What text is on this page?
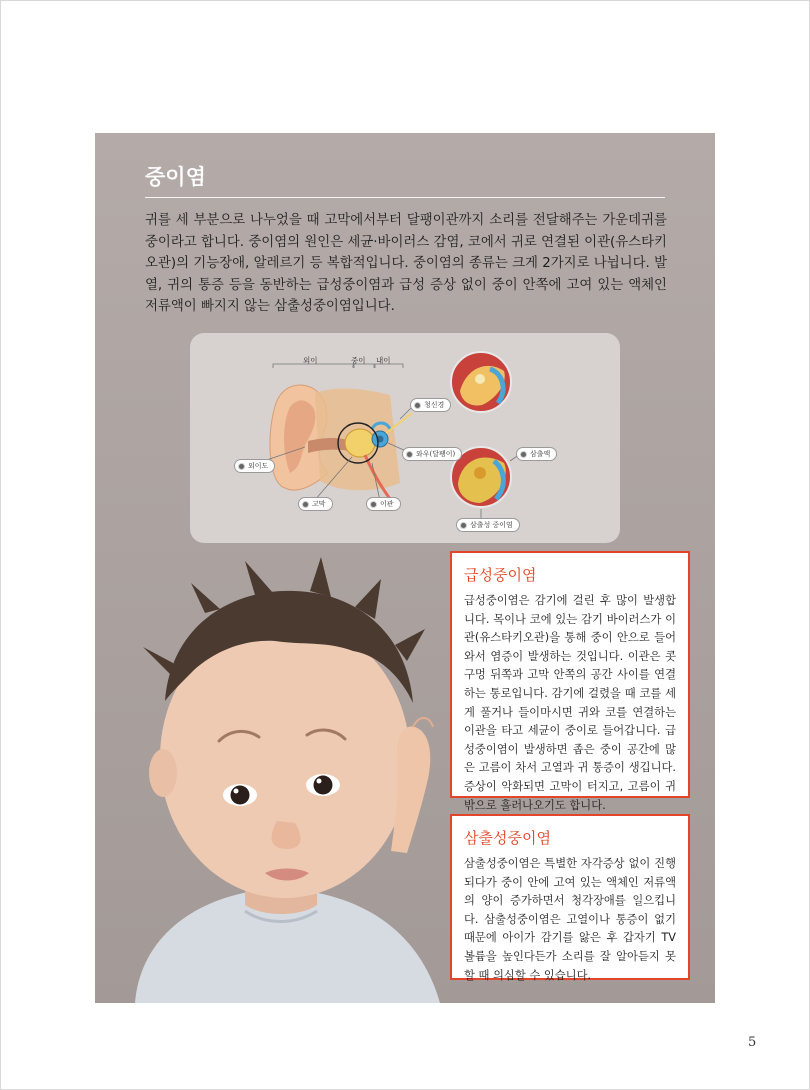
중이염

귀를 세 부분으로 나누었을 때 고막에서부터 달팽이관까지 소리를 전달해주는 가운데귀를 중이라고 합니다. 중이염의 원인은 세균·바이러스 감염, 코에서 귀로 연결된 이관(유스타키오관)의 기능장애, 알레르기 등 복합적입니다. 중이염의 종류는 크게 2가지로 나뉩니다. 발열, 귀의 통증 등을 동반하는 급성중이염과 급성 증상 없이 중이 안쪽에 고여 있는 액체인 저류액이 빠지지 않는 삼출성중이염입니다.

외이	중이 내이
청신경
와우(달팽이)	삼출액
외이도
고막	이관
삼출성 중이염
급성중이염

급성중이염은 감기에 걸린 후 많이 발생합니다. 목이나 코에 있는 감기 바이러스가 이관(유스타키오관)을 통해 중이 안으로 들어와서 염증이 발생하는 것입니다. 이관은 콧구멍 뒤쪽과 고막 안쪽의 공간 사이를 연결하는 통로입니다. 감기에 걸렸을 때 코를 세게 풀거나 들이마시면 귀와 코를 연결하는 이관을 타고 세균이 중이로 들어갑니다. 급성중이염이 발생하면 좁은 중이 공간에 많은 고름이 차서 고열과 귀 통증이 생깁니다. 증상이 악화되면 고막이 터지고, 고름이 귀 밖으로 흘러나오기도 합니다.

삼출성중이염

삼출성중이염은 특별한 자각증상 없이 진행되다가 중이 안에 고여 있는 액체인 저류액의 양이 증가하면서 청각장애를 일으킵니다. 삼출성중이염은 고열이나 통증이 없기 때문에 아이가 감기를 앓은 후 갑자기 TV 볼륨을 높인다든가 소리를 잘 알아듣지 못할 때 의심할 수 있습니다.

5
